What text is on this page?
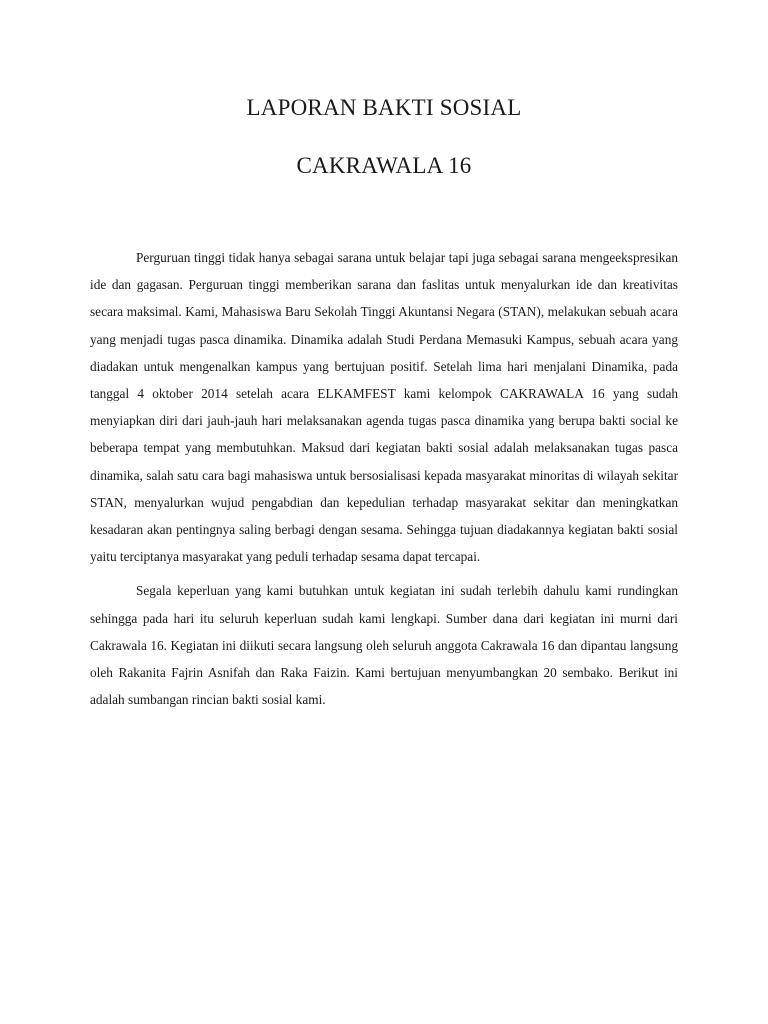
LAPORAN BAKTI SOSIAL
CAKRAWALA 16

Perguruan tinggi tidak hanya sebagai sarana untuk belajar tapi juga sebagai sarana mengeekspresikan ide dan gagasan. Perguruan tinggi memberikan sarana dan faslitas untuk menyalurkan ide dan kreativitas secara maksimal. Kami, Mahasiswa Baru Sekolah Tinggi Akuntansi Negara (STAN), melakukan sebuah acara yang menjadi tugas pasca dinamika. Dinamika adalah Studi Perdana Memasuki Kampus, sebuah acara yang diadakan untuk mengenalkan kampus yang bertujuan positif. Setelah lima hari menjalani Dinamika, pada tanggal 4 oktober 2014 setelah acara ELKAMFEST kami kelompok CAKRAWALA 16 yang sudah menyiapkan diri dari jauh-jauh hari melaksanakan agenda tugas pasca dinamika yang berupa bakti social ke beberapa tempat yang membutuhkan. Maksud dari kegiatan bakti sosial adalah melaksanakan tugas pasca dinamika, salah satu cara bagi mahasiswa untuk bersosialisasi kepada masyarakat minoritas di wilayah sekitar STAN, menyalurkan wujud pengabdian dan kepedulian terhadap masyarakat sekitar dan meningkatkan kesadaran akan pentingnya saling berbagi dengan sesama. Sehingga tujuan diadakannya kegiatan bakti sosial yaitu terciptanya masyarakat yang peduli terhadap sesama dapat tercapai.

Segala keperluan yang kami butuhkan untuk kegiatan ini sudah terlebih dahulu kami rundingkan sehingga pada hari itu seluruh keperluan sudah kami lengkapi. Sumber dana dari kegiatan ini murni dari Cakrawala 16. Kegiatan ini diikuti secara langsung oleh seluruh anggota Cakrawala 16 dan dipantau langsung oleh Rakanita Fajrin Asnifah dan Raka Faizin. Kami bertujuan menyumbangkan 20 sembako. Berikut ini adalah sumbangan rincian bakti sosial kami.
